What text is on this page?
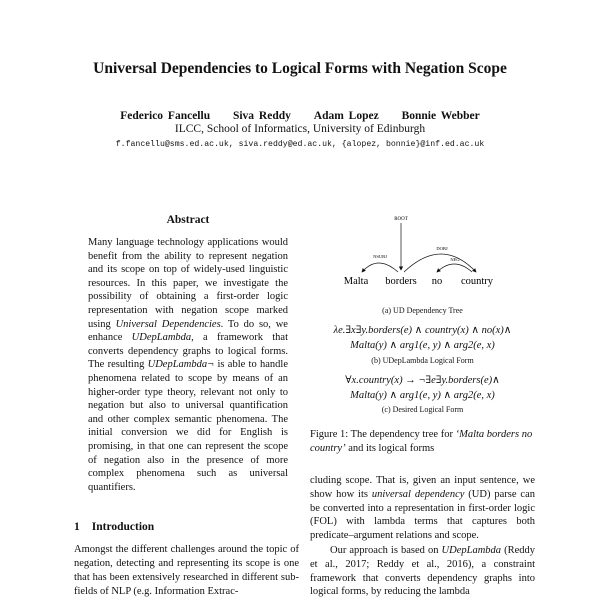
Universal Dependencies to Logical Forms with Negation Scope
Federico Fancellu Siva Reddy Adam Lopez Bonnie Webber
ILCC, School of Informatics, University of Edinburgh
f.fancellu@sms.ed.ac.uk, siva.reddy@ed.ac.uk, {alopez, bonnie}@inf.ed.ac.uk
Abstract
Many language technology applications would benefit from the ability to represent negation and its scope on top of widely-used linguistic resources. In this paper, we investigate the possibility of obtaining a first-order logic representation with negation scope marked using Universal Dependencies. To do so, we enhance UDepLambda, a framework that converts dependency graphs to logical forms. The resulting UDepLambda¬ is able to handle phenomena related to scope by means of an higher-order type theory, relevant not only to negation but also to universal quantification and other complex semantic phenomena. The initial conversion we did for English is promising, in that one can represent the scope of negation also in the presence of more complex phenomena such as universal quantifiers.
1 Introduction
Amongst the different challenges around the topic of negation, detecting and representing its scope is one that has been extensively researched in different sub-fields of NLP (e.g. Information Extrac-
ROOT
NSUBJ
DOBJ
NEG
Malta borders no country
(a) UD Dependency Tree
λe.∃x∃y.borders(e) ∧ country(x) ∧ no(x)∧
Malta(y) ∧ arg1(e, y) ∧ arg2(e, x)
(b) UDepLambda Logical Form
∀x.country(x) → ¬∃e∃y.borders(e)∧
Malta(y) ∧ arg1(e, y) ∧ arg2(e, x)
(c) Desired Logical Form
Figure 1: The dependency tree for ‘Malta borders no country’ and its logical forms

cluding scope. That is, given an input sentence, we show how its universal dependency (UD) parse can be converted into a representation in first-order logic (FOL) with lambda terms that captures both predicate–argument relations and scope.

Our approach is based on UDepLambda (Reddy et al., 2017; Reddy et al., 2016), a constraint framework that converts dependency graphs into logical forms, by reducing the lambda
